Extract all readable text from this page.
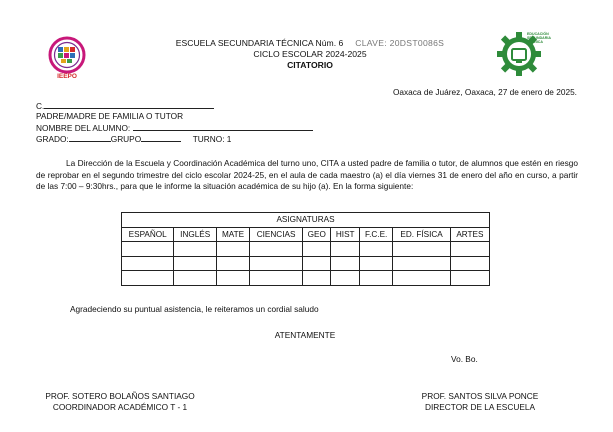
IEEPO
EDUCACIÓN SECUNDARIA TÉCNICA
ESCUELA SECUNDARIA TÉCNICA Núm. 6 CLAVE: 20DST0086S
CICLO ESCOLAR 2024-2025
CITATORIO
Oaxaca de Juárez, Oaxaca, 27 de enero de 2025.
C.
PADRE/MADRE DE FAMILIA O TUTOR
NOMBRE DEL ALUMNO:
GRADO:	GRUPO	TURNO: 1
La Dirección de la Escuela y Coordinación Académica del turno uno, CITA a usted padre de familia o tutor, de alumnos que estén en riesgo de reprobar en el segundo trimestre del ciclo escolar 2024-25, en el aula de cada maestro (a) el día viernes 31 de enero del año en curso, a partir de las 7:00 – 9:30hrs., para que le informe la situación académica de su hijo (a). En la forma siguiente:
ASIGNATURAS								
ESPAÑOL	INGLÉS	MATE	CIENCIAS	GEO	HIST	F.C.E.	ED. FÍSICA	ARTES

Agradeciendo su puntual asistencia, le reiteramos un cordial saludo
ATENTAMENTE
Vo. Bo.
PROF. SOTERO BOLAÑOS SANTIAGO
COORDINADOR ACADÉMICO T - 1
PROF. SANTOS SILVA PONCE
DIRECTOR DE LA ESCUELA
